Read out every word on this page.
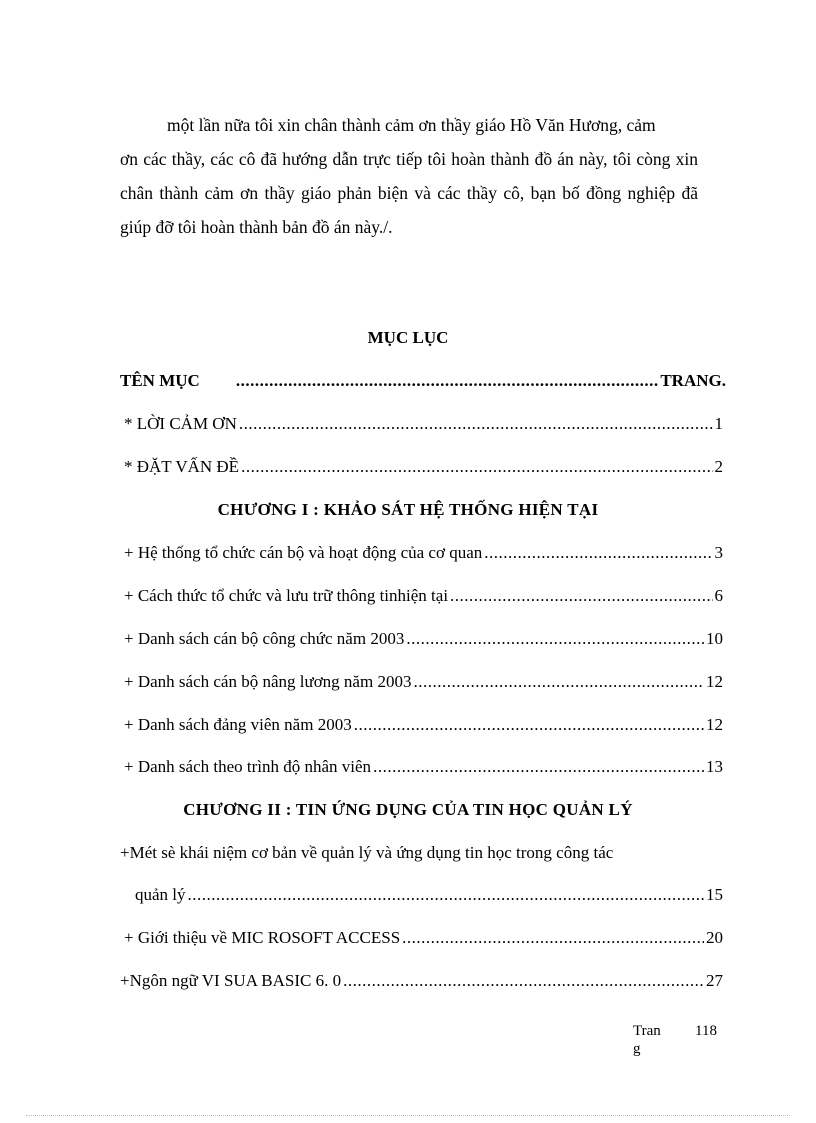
một lần nữa tôi xin chân thành cảm ơn thầy giáo Hồ Văn Hương, cảm
ơn các thầy, các cô đã hướng dẫn trực tiếp tôi hoàn thành đồ án này, tôi còng xin chân thành cảm ơn thầy giáo phản biện và các thầy cô, bạn bố đồng nghiệp đã giúp đỡ tôi hoàn thành bản đồ án này./.

MỤC LỤC
TÊN MỤC .....	TRANG.
* LỜI CẢM ƠN .....	1
* ĐẶT VẤN ĐỀ .....	2
CHƯƠNG I : KHẢO SÁT HỆ THỐNG HIỆN TẠI
+ Hệ thống tổ chức cán bộ và hoạt động của cơ quan .....	3
+ Cách thức tổ chức và lưu trữ thông tinhiện tại .....	6
+ Danh sách cán bộ công chức năm 2003 .....	10
+ Danh sách cán bộ nâng lương năm 2003 .....	12
+ Danh sách đảng viên năm 2003 .....	12
+ Danh sách theo trình độ nhân viên .....	13
CHƯƠNG II : TIN ỨNG DỤNG CỦA TIN HỌC QUẢN LÝ

+Mét sè khái niệm cơ bản về quản lý và ứng dụng tin học trong công tác

quản lý .....	15
+ Giới thiệu về MIC ROSOFT ACCESS .....	20
+Ngôn ngữ VI SUA BASIC 6. 0 .....	27
Trang
118
